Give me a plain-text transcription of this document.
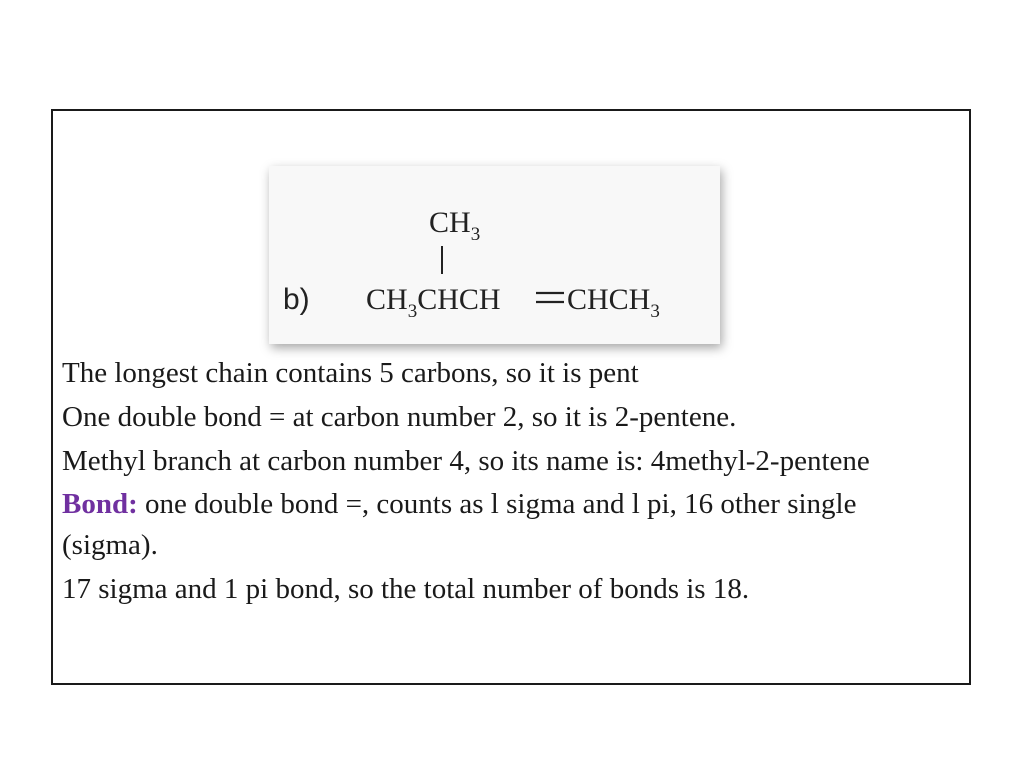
b)
$CH_3$
$CH_3CHCH$ $CHCH_3$

The longest chain contains 5 carbons, so it is pent

One double bond = at carbon number 2, so it is 2-pentene.

Methyl branch at carbon number 4, so its name is: 4methyl-2-pentene

Bond: one double bond =, counts as l sigma and l pi, 16 other single (sigma).

17 sigma and 1 pi bond, so the total number of bonds is 18.
